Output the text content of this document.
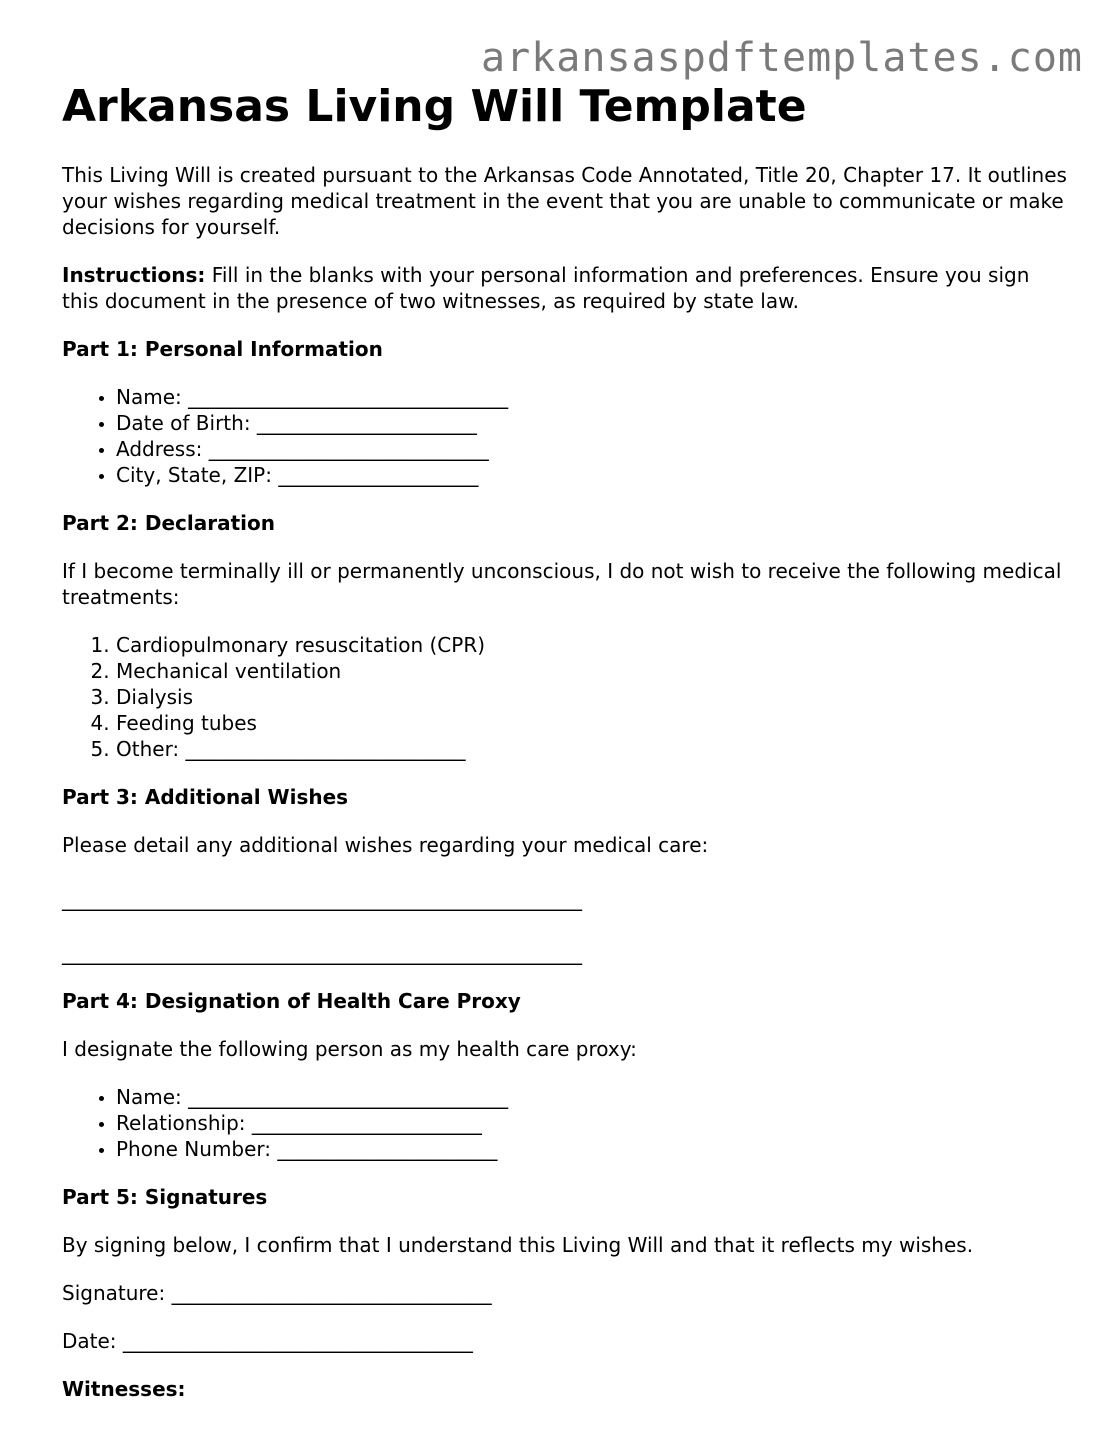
arkansaspdftemplates.com
Arkansas Living Will Template

This Living Will is created pursuant to the Arkansas Code Annotated, Title 20, Chapter 17. It outlines your wishes regarding medical treatment in the event that you are unable to communicate or make decisions for yourself.

Instructions: Fill in the blanks with your personal information and preferences. Ensure you sign this document in the presence of two witnesses, as required by state law.

Part 1: Personal Information
• Name: ________________________________
• Date of Birth: ______________________
• Address: ____________________________
• City, State, ZIP: ____________________
Part 2: Declaration

If I become terminally ill or permanently unconscious, I do not wish to receive the following medical treatments:

1. Cardiopulmonary resuscitation (CPR)
2. Mechanical ventilation
3. Dialysis
4. Feeding tubes
5. Other: ____________________________
Part 3: Additional Wishes

Please detail any additional wishes regarding your medical care:

____________________________________________________

____________________________________________________

Part 4: Designation of Health Care Proxy

I designate the following person as my health care proxy:

• Name: ________________________________
• Relationship: _______________________
• Phone Number: ______________________
Part 5: Signatures

By signing below, I confirm that I understand this Living Will and that it reflects my wishes.

Signature: ________________________________

Date: ___________________________________

Witnesses:
